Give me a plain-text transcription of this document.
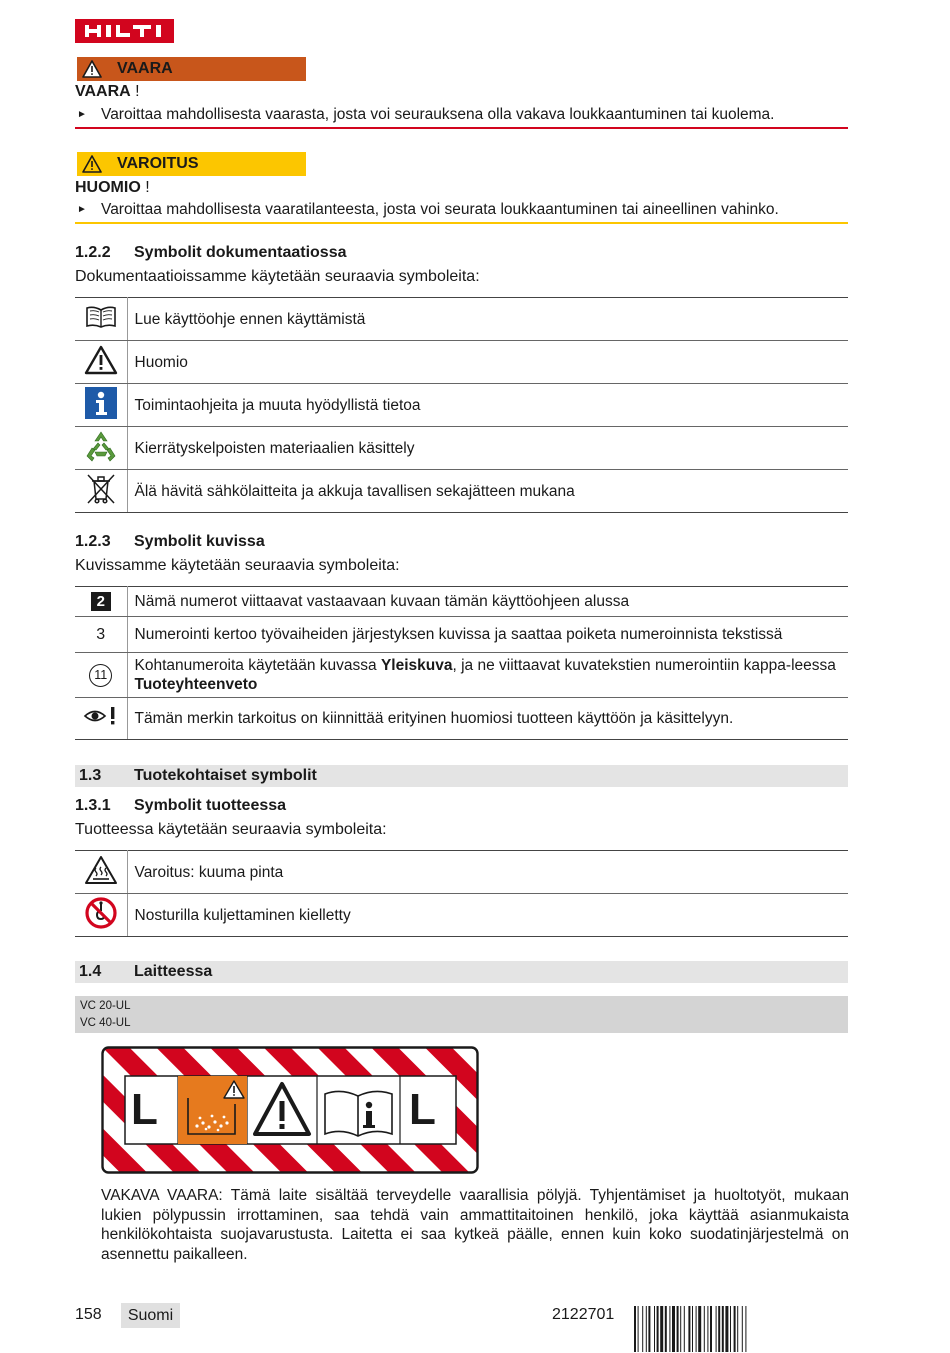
VAARA
VAARA !
► Varoittaa mahdollisesta vaarasta, josta voi seurauksena olla vakava loukkaantuminen tai kuolema.
VAROITUS
HUOMIO !
► Varoittaa mahdollisesta vaaratilanteesta, josta voi seurata loukkaantuminen tai aineellinen vahinko.
1.2.2	Symbolit dokumentaatiossa
Dokumentaatioissamme käytetään seuraavia symboleita:
	Lue käyttöohje ennen käyttämistä
	Huomio
	Toimintaohjeita ja muuta hyödyllistä tietoa
	Kierrätyskelpoisten materiaalien käsittely
	Älä hävitä sähkölaitteita ja akkuja tavallisen sekajätteen mukana
1.2.3	Symbolit kuvissa
Kuvissamme käytetään seuraavia symboleita:
2	Nämä numerot viittaavat vastaavaan kuvaan tämän käyttöohjeen alussa
3	Numerointi kertoo työvaiheiden järjestyksen kuvissa ja saattaa poiketa numeroinnista tekstissä
11	Kohtanumeroita käytetään kuvassa Yleiskuva, ja ne viittaavat kuvatekstien numerointiin kappa-leessa Tuoteyhteenveto
	Tämän merkin tarkoitus on kiinnittää erityinen huomiosi tuotteen käyttöön ja käsittelyyn.
1.3	Tuotekohtaiset symbolit
1.3.1	Symbolit tuotteessa
Tuotteessa käytetään seuraavia symboleita:
	Varoitus: kuuma pinta
	Nosturilla kuljettaminen kielletty
1.4	Laitteessa
VC 20-UL
VC 40-UL
L	L
VAKAVA VAARA: Tämä laite sisältää terveydelle vaarallisia pölyjä. Tyhjentämiset ja huoltotyöt, mukaan lukien pölypussin irrottaminen, saa tehdä vain ammattitaitoinen henkilö, joka käyttää asianmukaista henkilökohtaista suojavarustusta. Laitetta ei saa kytkeä päälle, ennen kuin koko suodatinjärjestelmä on asennettu paikalleen.
158	Suomi	2122701
